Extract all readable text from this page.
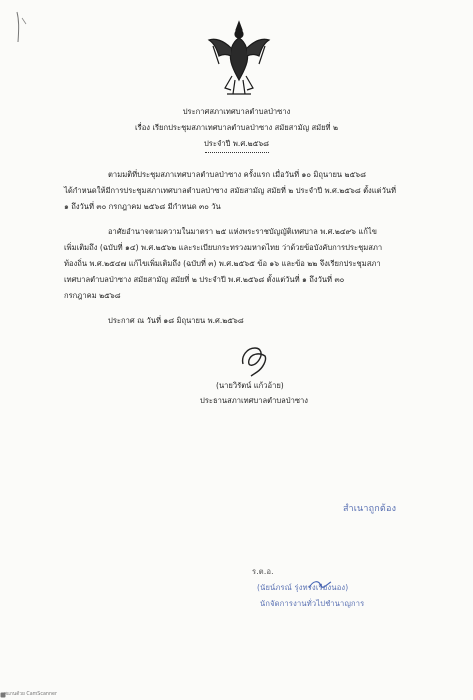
ประกาศสภาเทศบาลตำบลป่าซาง
เรื่อง เรียกประชุมสภาเทศบาลตำบลป่าซาง สมัยสามัญ สมัยที่ ๒
ประจำปี พ.ศ.๒๕๖๘
ตามมติที่ประชุมสภาเทศบาลตำบลป่าซาง ครั้งแรก เมื่อวันที่ ๑๐ มิถุนายน ๒๕๖๘
ได้กำหนดให้มีการประชุมสภาเทศบาลตำบลป่าซาง สมัยสามัญ สมัยที่ ๒ ประจำปี พ.ศ.๒๕๖๘ ตั้งแต่วันที่
๑ ถึงวันที่ ๓๐ กรกฎาคม ๒๕๖๘ มีกำหนด ๓๐ วัน
อาศัยอำนาจตามความในมาตรา ๒๕ แห่งพระราชบัญญัติเทศบาล พ.ศ.๒๔๙๖ แก้ไข
เพิ่มเติมถึง (ฉบับที่ ๑๔) พ.ศ.๒๕๖๒ และระเบียบกระทรวงมหาดไทย ว่าด้วยข้อบังคับการประชุมสภา
ท้องถิ่น พ.ศ.๒๕๔๗ แก้ไขเพิ่มเติมถึง (ฉบับที่ ๓) พ.ศ.๒๕๖๕ ข้อ ๑๖ และข้อ ๒๒ จึงเรียกประชุมสภา
เทศบาลตำบลป่าซาง สมัยสามัญ สมัยที่ ๒ ประจำปี พ.ศ.๒๕๖๘ ตั้งแต่วันที่ ๑ ถึงวันที่ ๓๐
กรกฎาคม ๒๕๖๘
ประกาศ ณ วันที่ ๑๘ มิถุนายน พ.ศ.๒๕๖๘
(นายวิรัตน์ แก้วอ้าย)
ประธานสภาเทศบาลตำบลป่าซาง
สำเนาถูกต้อง
ร.ต.อ.
(นัยน์ภรณ์ รุ่งทรงเรืองนอง)
นักจัดการงานทั่วไปชำนาญการ
สแกนด้วย CamScanner
